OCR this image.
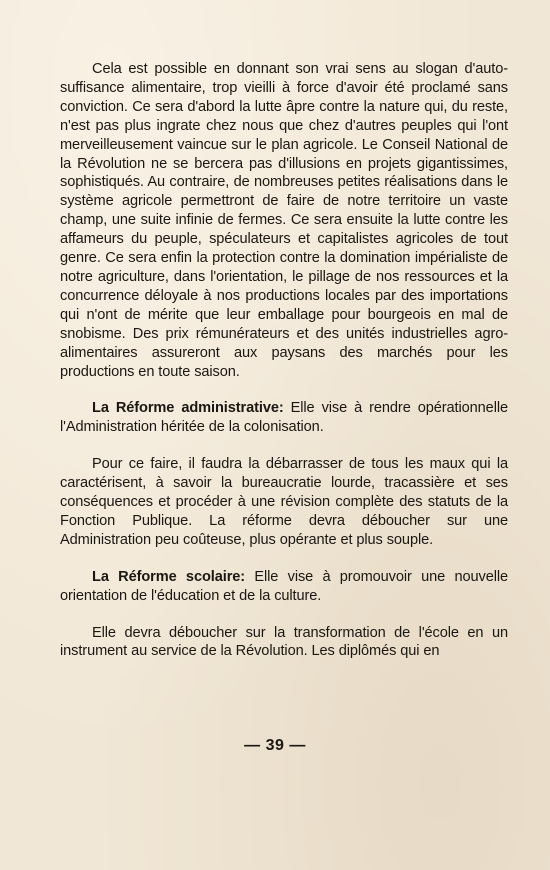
Cela est possible en donnant son vrai sens au slogan d'auto-suffisance alimentaire, trop vieilli à force d'avoir été proclamé sans conviction. Ce sera d'abord la lutte âpre contre la nature qui, du reste, n'est pas plus ingrate chez nous que chez d'autres peuples qui l'ont merveilleusement vaincue sur le plan agricole. Le Conseil National de la Révolution ne se bercera pas d'illusions en projets gigantissimes, sophistiqués. Au contraire, de nombreuses petites réalisations dans le système agricole permettront de faire de notre territoire un vaste champ, une suite infinie de fermes. Ce sera ensuite la lutte contre les affameurs du peuple, spéculateurs et capitalistes agricoles de tout genre. Ce sera enfin la protection contre la domination impérialiste de notre agriculture, dans l'orientation, le pillage de nos ressources et la concurrence déloyale à nos productions locales par des importations qui n'ont de mérite que leur emballage pour bourgeois en mal de snobisme. Des prix rémunérateurs et des unités industrielles agro-alimentaires assureront aux paysans des marchés pour les productions en toute saison.

La Réforme administrative: Elle vise à rendre opérationnelle l'Administration héritée de la colonisation.

Pour ce faire, il faudra la débarrasser de tous les maux qui la caractérisent, à savoir la bureaucratie lourde, tracassière et ses conséquences et procéder à une révision complète des statuts de la Fonction Publique. La réforme devra déboucher sur une Administration peu coûteuse, plus opérante et plus souple.

La Réforme scolaire: Elle vise à promouvoir une nouvelle orientation de l'éducation et de la culture.

Elle devra déboucher sur la transformation de l'école en un instrument au service de la Révolution. Les diplômés qui en

— 39 —
